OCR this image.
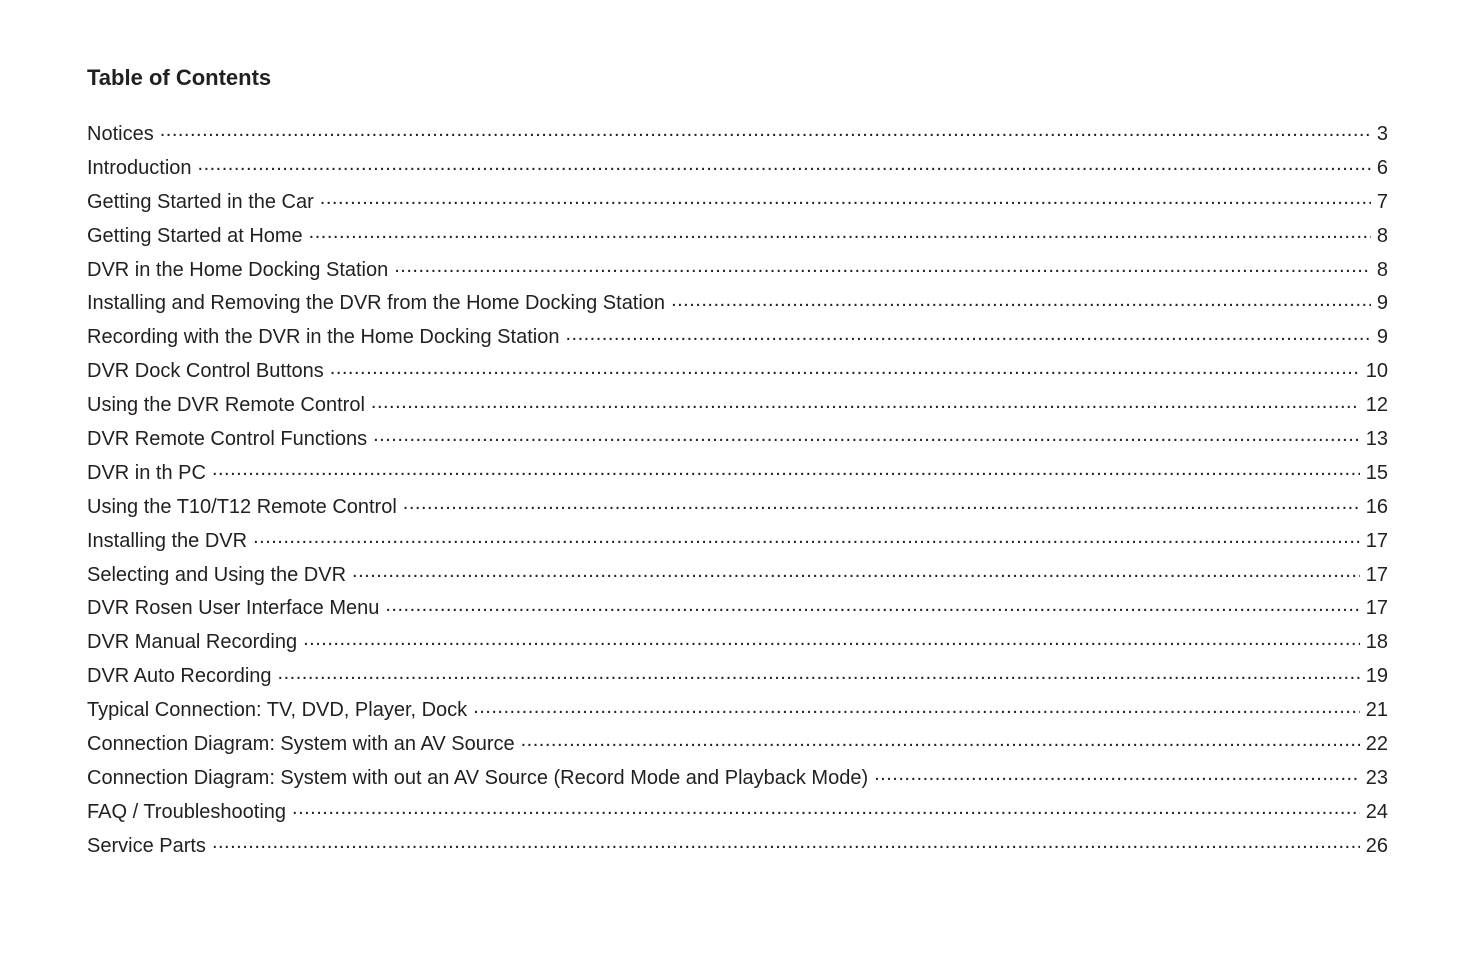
Table of Contents
Notices .....	3
Introduction .....	6
Getting Started in the Car .....	7
Getting Started at Home .....	8
DVR in the Home Docking Station .....	8
Installing and Removing the DVR from the Home Docking Station .....	9
Recording with the DVR in the Home Docking Station .....	9
DVR Dock Control Buttons .....	10
Using the DVR Remote Control .....	12
DVR Remote Control Functions .....	13
DVR in th PC .....	15
Using the T10/T12 Remote Control .....	16
Installing the DVR .....	17
Selecting and Using the DVR .....	17
DVR Rosen User Interface Menu .....	17
DVR Manual Recording .....	18
DVR Auto Recording .....	19
Typical Connection: TV, DVD, Player, Dock .....	21
Connection Diagram: System with an AV Source .....	22
Connection Diagram: System with out an AV Source (Record Mode and Playback Mode) .....	23
FAQ / Troubleshooting .....	24
Service Parts .....	26
